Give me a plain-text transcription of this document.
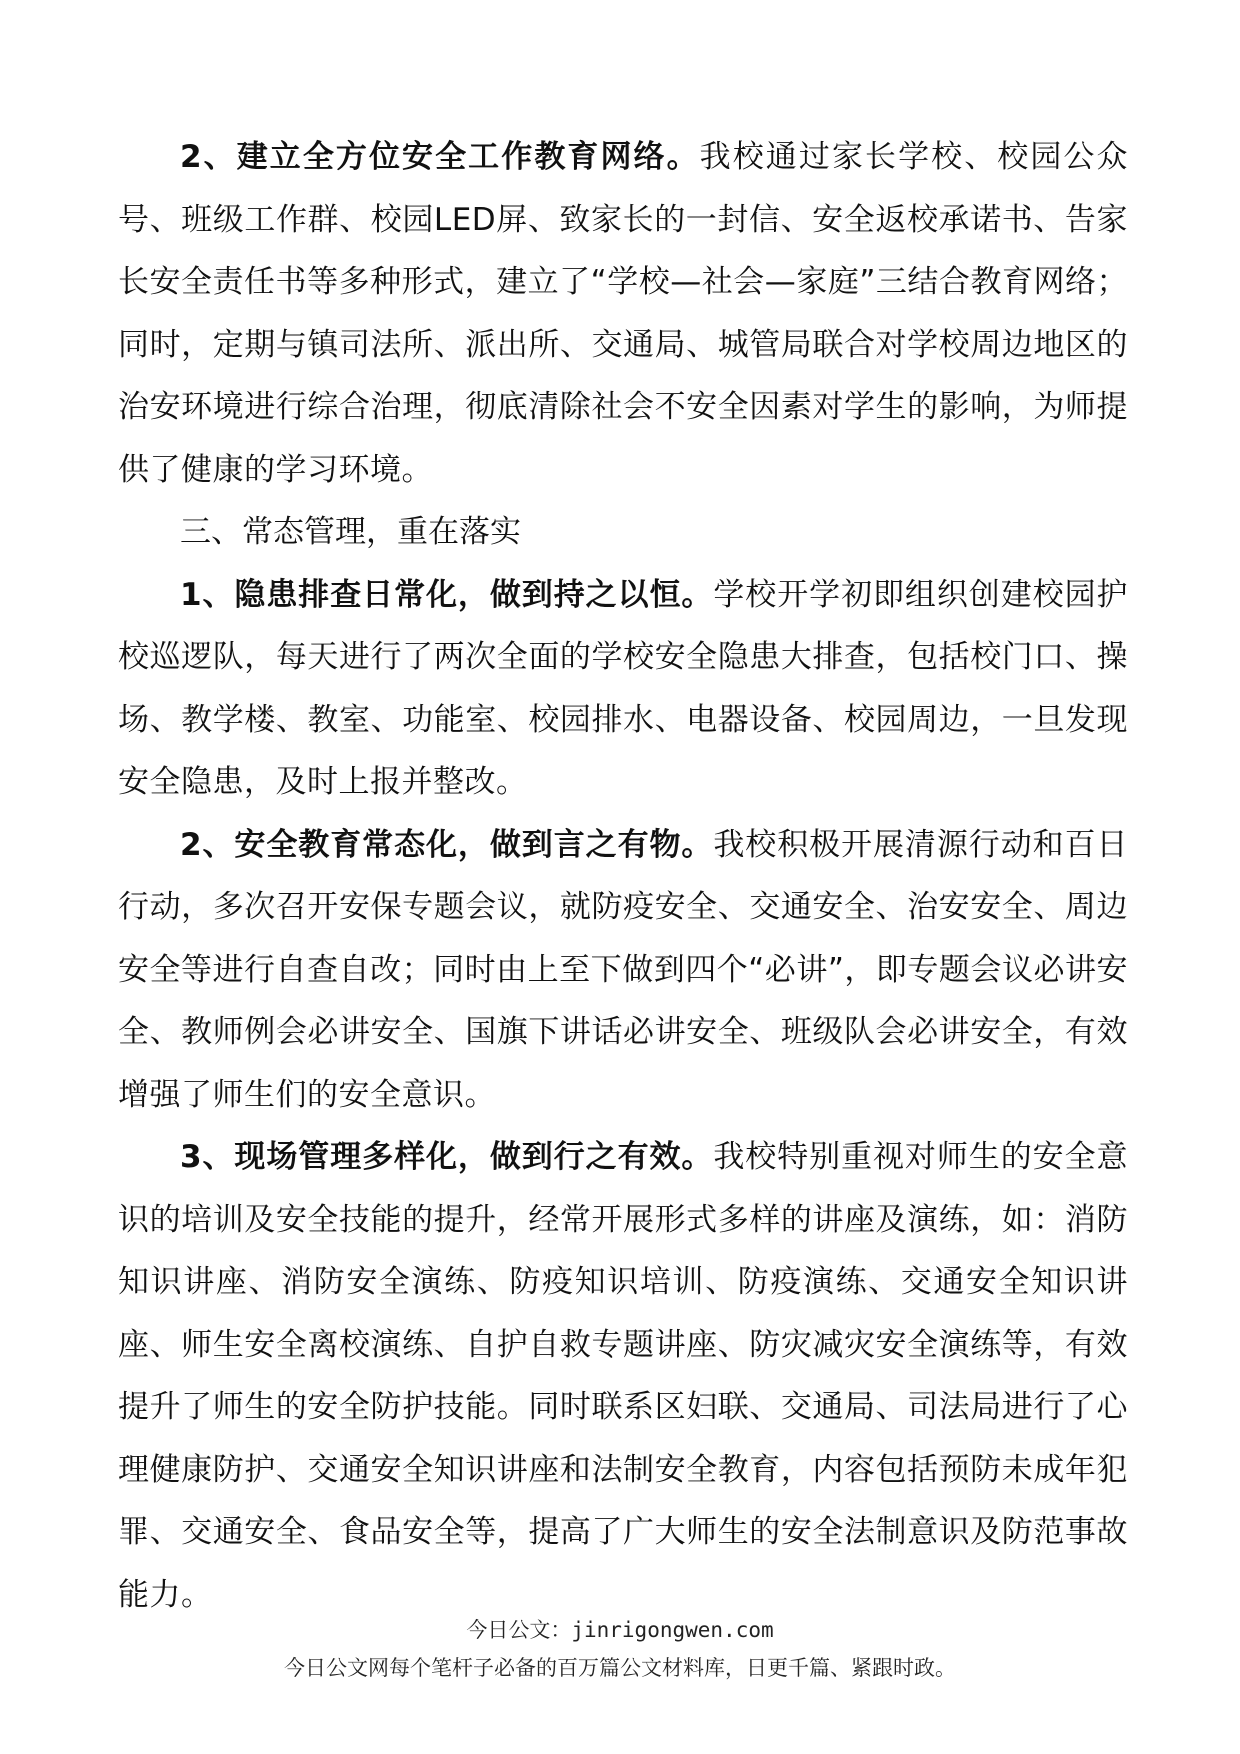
2、建立全方位安全工作教育网络。我校通过家长学校、校园公众号、班级工作群、校园LED屏、致家长的一封信、安全返校承诺书、告家长安全责任书等多种形式，建立了“学校—社会—家庭”三结合教育网络；同时，定期与镇司法所、派出所、交通局、城管局联合对学校周边地区的治安环境进行综合治理，彻底清除社会不安全因素对学生的影响，为师提供了健康的学习环境。

三、常态管理，重在落实

1、隐患排查日常化，做到持之以恒。学校开学初即组织创建校园护校巡逻队，每天进行了两次全面的学校安全隐患大排查，包括校门口、操场、教学楼、教室、功能室、校园排水、电器设备、校园周边，一旦发现安全隐患，及时上报并整改。

2、安全教育常态化，做到言之有物。我校积极开展清源行动和百日行动，多次召开安保专题会议，就防疫安全、交通安全、治安安全、周边安全等进行自查自改；同时由上至下做到四个“必讲”，即专题会议必讲安全、教师例会必讲安全、国旗下讲话必讲安全、班级队会必讲安全，有效增强了师生们的安全意识。

3、现场管理多样化，做到行之有效。我校特别重视对师生的安全意识的培训及安全技能的提升，经常开展形式多样的讲座及演练，如：消防知识讲座、消防安全演练、防疫知识培训、防疫演练、交通安全知识讲座、师生安全离校演练、自护自救专题讲座、防灾减灾安全演练等，有效提升了师生的安全防护技能。同时联系区妇联、交通局、司法局进行了心理健康防护、交通安全知识讲座和法制安全教育，内容包括预防未成年犯罪、交通安全、食品安全等，提高了广大师生的安全法制意识及防范事故能力。

今日公文：jinrigongwen.com
今日公文网每个笔杆子必备的百万篇公文材料库，日更千篇、紧跟时政。
